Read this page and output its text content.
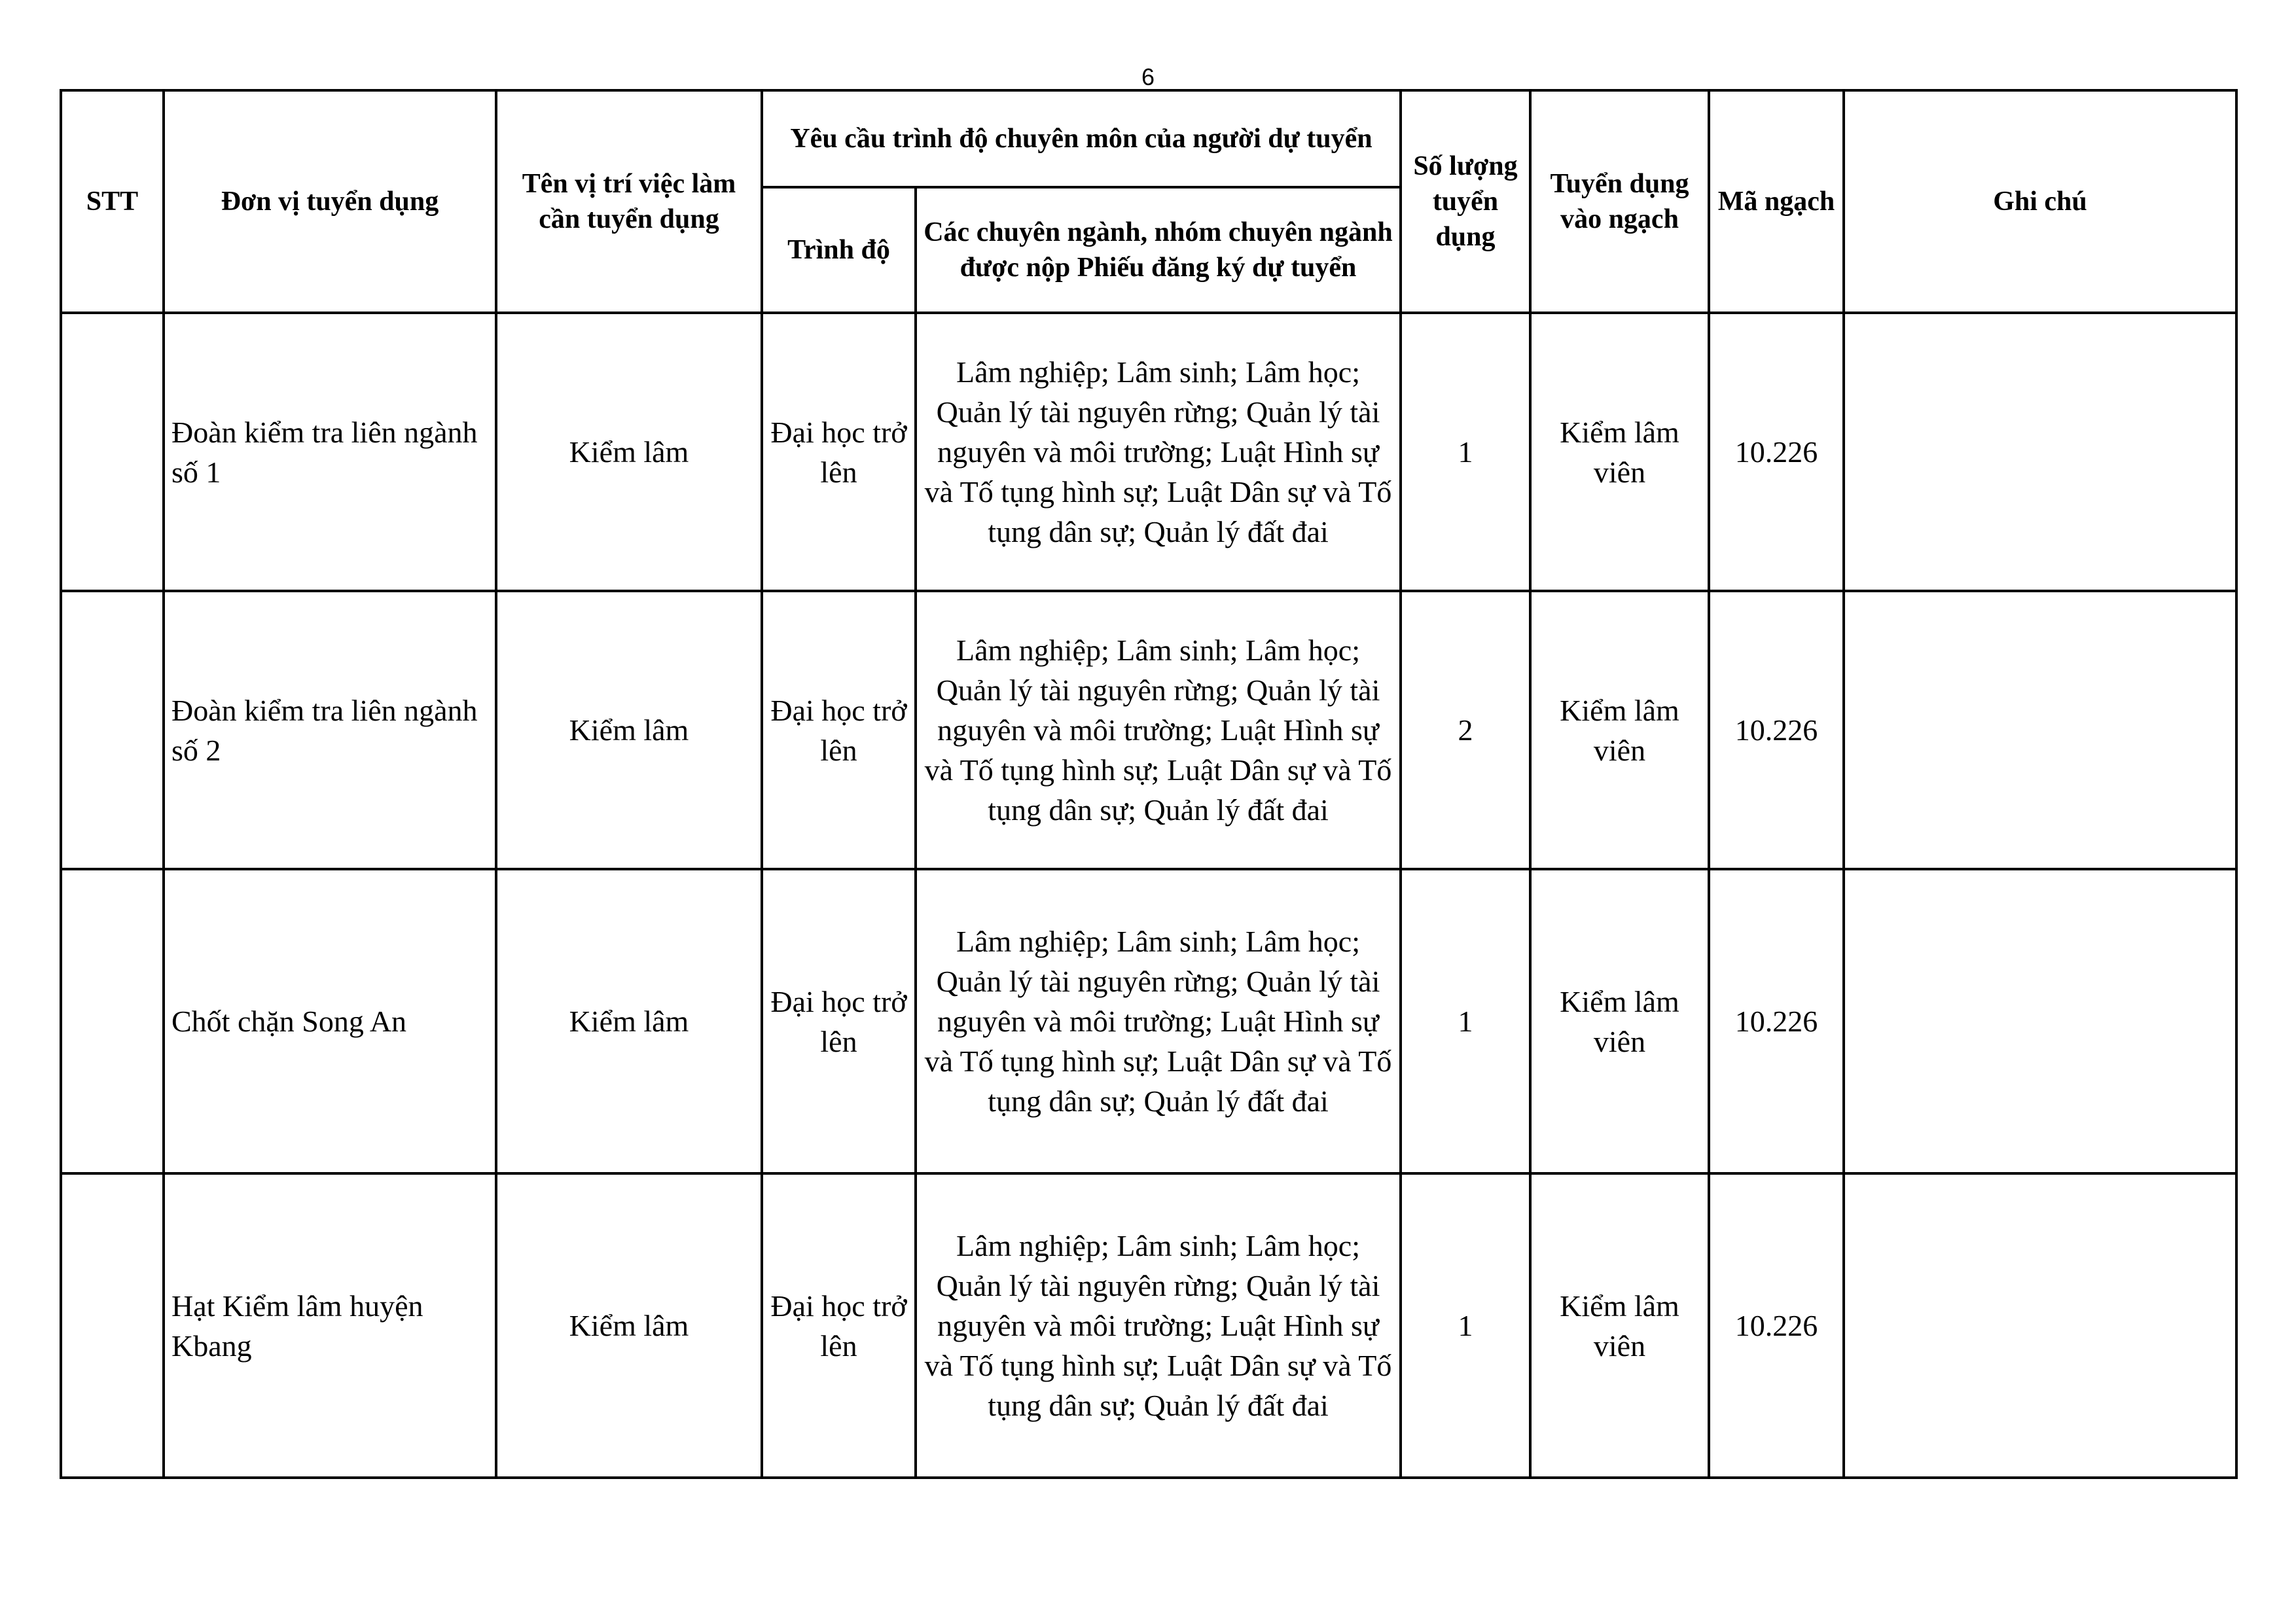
6
STT	Đơn vị tuyển dụng	Tên vị trí việc làm cần tuyển dụng	Yêu cầu trình độ chuyên môn của người dự tuyển		Số lượng tuyển dụng	Tuyển dụng vào ngạch	Mã ngạch	Ghi chú
			Trình độ	Các chuyên ngành, nhóm chuyên ngành được nộp Phiếu đăng ký dự tuyển				
	Đoàn kiểm tra liên ngành số 1	Kiểm lâm	Đại học trở lên	Lâm nghiệp; Lâm sinh; Lâm học; Quản lý tài nguyên rừng; Quản lý tài nguyên và môi trường; Luật Hình sự và Tố tụng hình sự; Luật Dân sự và Tố tụng dân sự; Quản lý đất đai	1	Kiểm lâm viên	10.226	
	Đoàn kiểm tra liên ngành số 2	Kiểm lâm	Đại học trở lên	Lâm nghiệp; Lâm sinh; Lâm học; Quản lý tài nguyên rừng; Quản lý tài nguyên và môi trường; Luật Hình sự và Tố tụng hình sự; Luật Dân sự và Tố tụng dân sự; Quản lý đất đai	2	Kiểm lâm viên	10.226	
	Chốt chặn Song An	Kiểm lâm	Đại học trở lên	Lâm nghiệp; Lâm sinh; Lâm học; Quản lý tài nguyên rừng; Quản lý tài nguyên và môi trường; Luật Hình sự và Tố tụng hình sự; Luật Dân sự và Tố tụng dân sự; Quản lý đất đai	1	Kiểm lâm viên	10.226	
	Hạt Kiểm lâm huyện Kbang	Kiểm lâm	Đại học trở lên	Lâm nghiệp; Lâm sinh; Lâm học; Quản lý tài nguyên rừng; Quản lý tài nguyên và môi trường; Luật Hình sự và Tố tụng hình sự; Luật Dân sự và Tố tụng dân sự; Quản lý đất đai	1	Kiểm lâm viên	10.226	
